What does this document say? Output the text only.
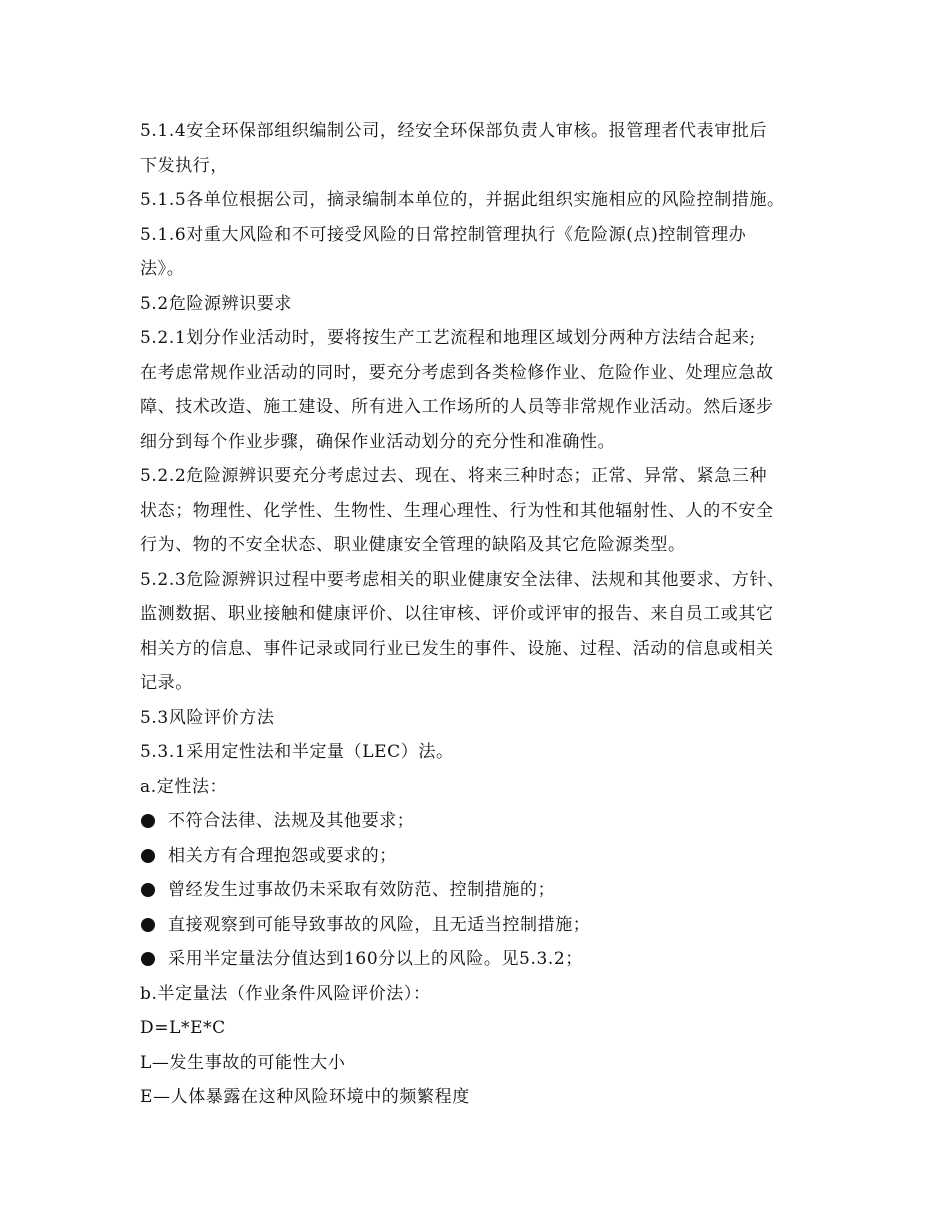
5.1.4安全环保部组织编制公司，经安全环保部负责人审核。报管理者代表审批后
下发执行，
5.1.5各单位根据公司，摘录编制本单位的，并据此组织实施相应的风险控制措施。
5.1.6对重大风险和不可接受风险的日常控制管理执行《危险源(点)控制管理办
法》。
5.2危险源辨识要求
5.2.1划分作业活动时，要将按生产工艺流程和地理区域划分两种方法结合起来;
在考虑常规作业活动的同时，要充分考虑到各类检修作业、危险作业、处理应急故
障、技术改造、施工建设、所有进入工作场所的人员等非常规作业活动。然后逐步
细分到每个作业步骤，确保作业活动划分的充分性和准确性。
5.2.2危险源辨识要充分考虑过去、现在、将来三种时态；正常、异常、紧急三种
状态；物理性、化学性、生物性、生理心理性、行为性和其他辐射性、人的不安全
行为、物的不安全状态、职业健康安全管理的缺陷及其它危险源类型。
5.2.3危险源辨识过程中要考虑相关的职业健康安全法律、法规和其他要求、方针、
监测数据、职业接触和健康评价、以往审核、评价或评审的报告、来自员工或其它
相关方的信息、事件记录或同行业已发生的事件、设施、过程、活动的信息或相关
记录。
5.3风险评价方法
5.3.1采用定性法和半定量（LEC）法。
a.定性法：
不符合法律、法规及其他要求；
相关方有合理抱怨或要求的；
曾经发生过事故仍未采取有效防范、控制措施的；
直接观察到可能导致事故的风险，且无适当控制措施；
采用半定量法分值达到160分以上的风险。见5.3.2；
b.半定量法（作业条件风险评价法）：
D=L*E*C
L—发生事故的可能性大小
E—人体暴露在这种风险环境中的频繁程度
